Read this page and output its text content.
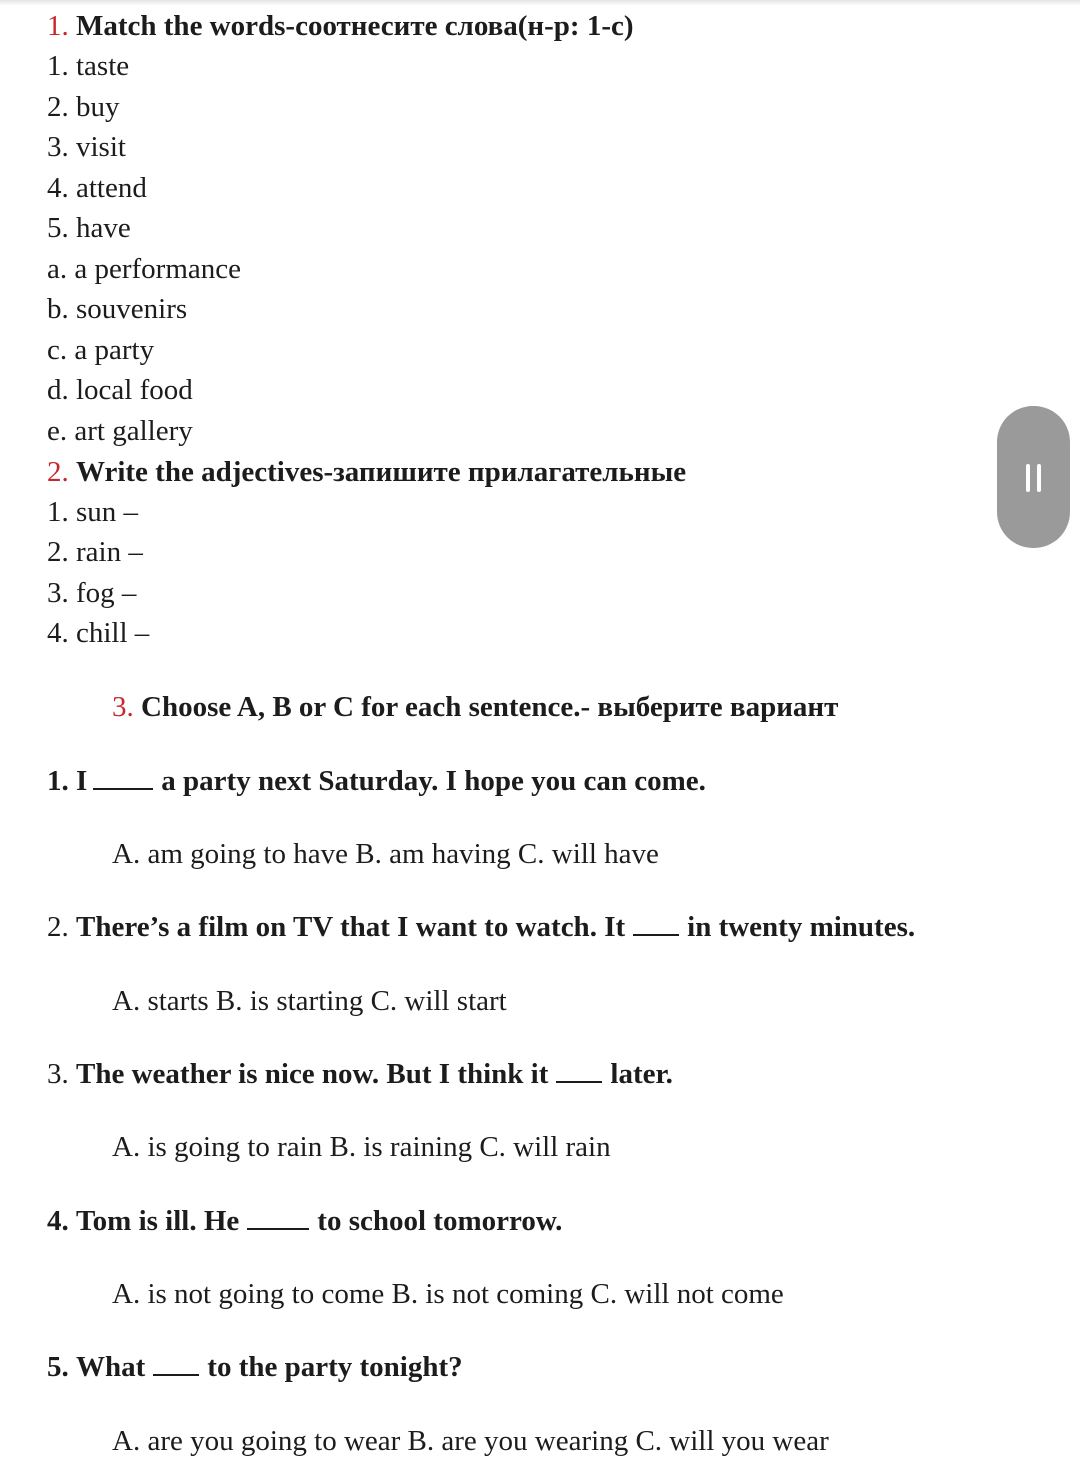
1. Match the words-соотнесите слова(н-р: 1-с)
1. taste
2. buy
3. visit
4. attend
5. have
a. a performance
b. souvenirs
c. a party
d. local food
e. art gallery
2. Write the adjectives-запишите прилагательные
1. sun –
2. rain –
3. fog –
4. chill –
3. Choose A, B or C for each sentence.- выберите вариант
1. I	a party next Saturday. I hope you can come.
A. am going to have B. am having C. will have
2. There’s a film on TV that I want to watch. It in twenty minutes.
A. starts B. is starting C. will start
3. The weather is nice now. But I think it later.
A. is going to rain B. is raining C. will rain
4. Tom is ill. He	to school tomorrow.
A. is not going to come B. is not coming C. will not come
5. What to the party tonight?
A. are you going to wear B. are you wearing C. will you wear
